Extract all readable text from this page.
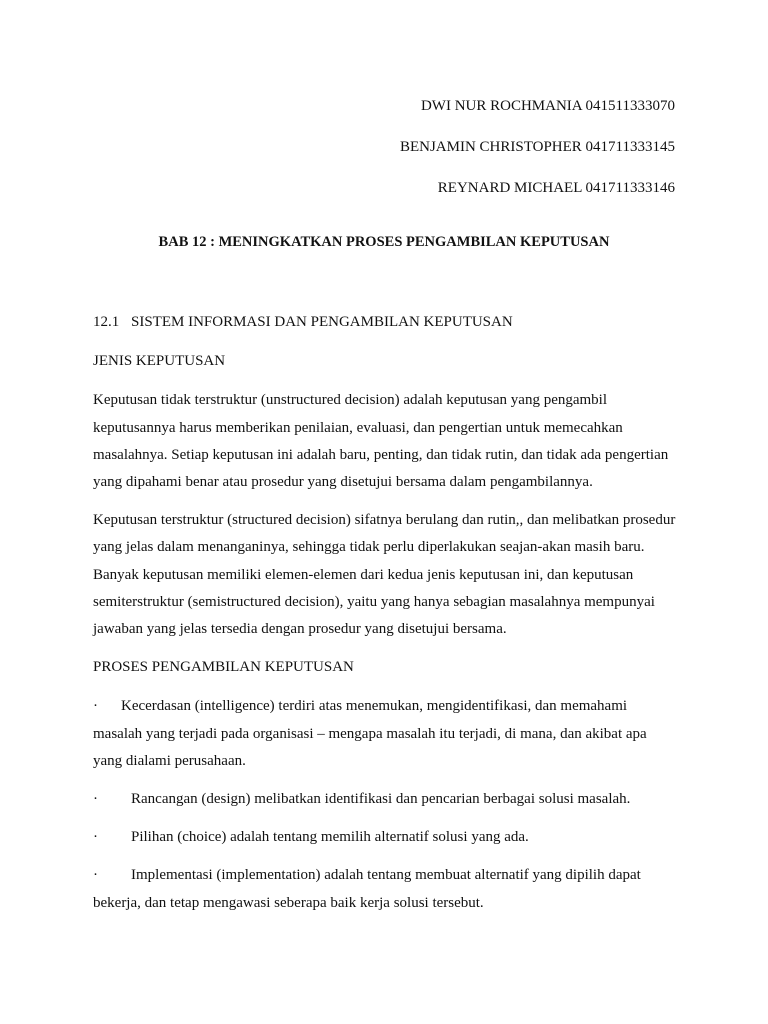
DWI NUR ROCHMANIA 041511333070
BENJAMIN CHRISTOPHER 041711333145
REYNARD MICHAEL 041711333146
BAB 12 : MENINGKATKAN PROSES PENGAMBILAN KEPUTUSAN
12.1 SISTEM INFORMASI DAN PENGAMBILAN KEPUTUSAN
JENIS KEPUTUSAN

Keputusan tidak terstruktur (unstructured decision) adalah keputusan yang pengambil keputusannya harus memberikan penilaian, evaluasi, dan pengertian untuk memecahkan masalahnya. Setiap keputusan ini adalah baru, penting, dan tidak rutin, dan tidak ada pengertian yang dipahami benar atau prosedur yang disetujui bersama dalam pengambilannya.

Keputusan terstruktur (structured decision) sifatnya berulang dan rutin,, dan melibatkan prosedur yang jelas dalam menanganinya, sehingga tidak perlu diperlakukan seajan-akan masih baru. Banyak keputusan memiliki elemen-elemen dari kedua jenis keputusan ini, dan keputusan semiterstruktur (semistructured decision), yaitu yang hanya sebagian masalahnya mempunyai jawaban yang jelas tersedia dengan prosedur yang disetujui bersama.

PROSES PENGAMBILAN KEPUTUSAN
· Kecerdasan (intelligence) terdiri atas menemukan, mengidentifikasi, dan memahami masalah yang terjadi pada organisasi – mengapa masalah itu terjadi, di mana, dan akibat apa yang dialami perusahaan.
· Rancangan (design) melibatkan identifikasi dan pencarian berbagai solusi masalah.
· Pilihan (choice) adalah tentang memilih alternatif solusi yang ada.
· Implementasi (implementation) adalah tentang membuat alternatif yang dipilih dapat bekerja, dan tetap mengawasi seberapa baik kerja solusi tersebut.
